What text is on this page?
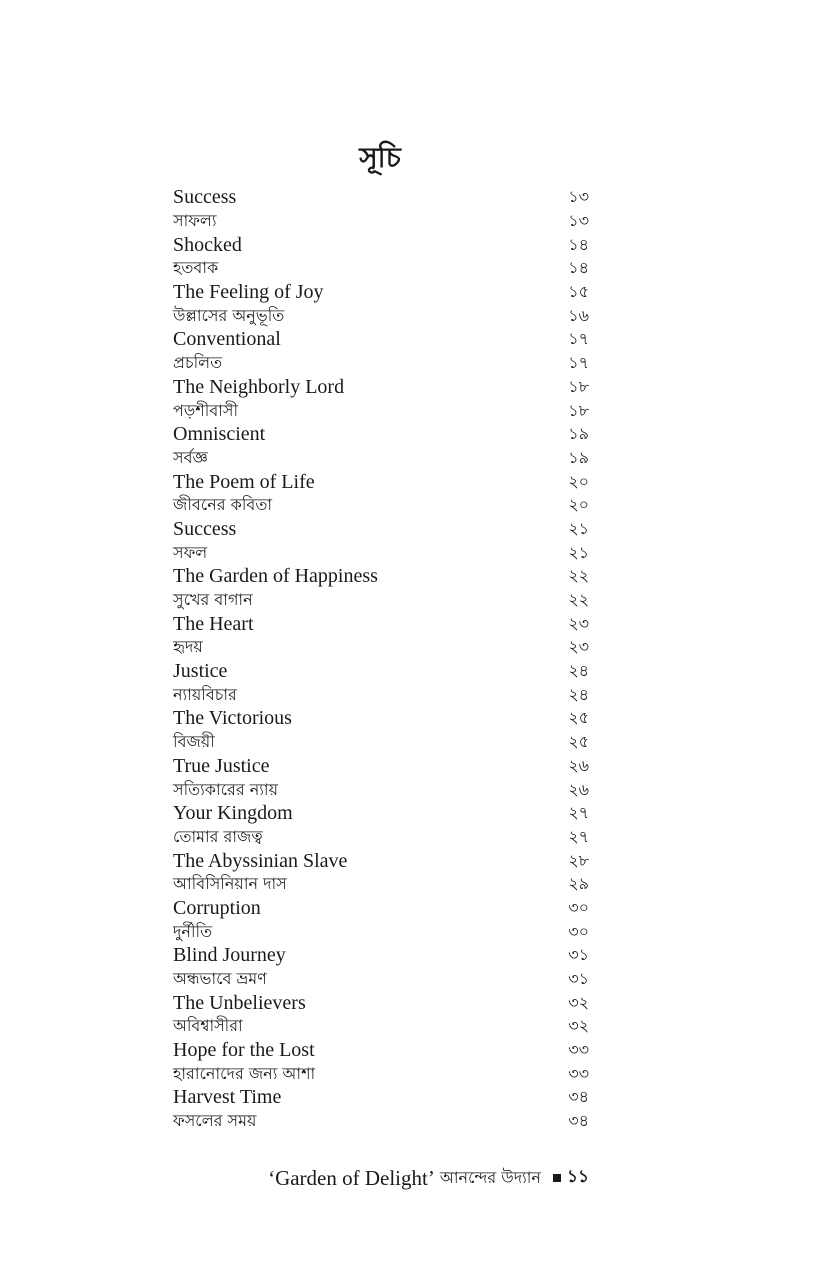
সূচি
Success	১৩
সাফল্য	১৩
Shocked	১৪
হতবাক	১৪
The Feeling of Joy	১৫
উল্লাসের অনুভূতি	১৬
Conventional	১৭
প্রচলিত	১৭
The Neighborly Lord	১৮
পড়শীবাসী	১৮
Omniscient	১৯
সর্বজ্ঞ	১৯
The Poem of Life	২০
জীবনের কবিতা	২০
Success	২১
সফল	২১
The Garden of Happiness	২২
সুখের বাগান	২২
The Heart	২৩
হৃদয়	২৩
Justice	২৪
ন্যায়বিচার	২৪
The Victorious	২৫
বিজয়ী	২৫
True Justice	২৬
সত্যিকারের ন্যায়	২৬
Your Kingdom	২৭
তোমার রাজত্ব	২৭
The Abyssinian Slave	২৮
আবিসিনিয়ান দাস	২৯
Corruption	৩০
দুর্নীতি	৩০
Blind Journey	৩১
অন্ধভাবে ভ্রমণ	৩১
The Unbelievers	৩২
অবিশ্বাসীরা	৩২
Hope for the Lost	৩৩
হারানোদের জন্য আশা	৩৩
Harvest Time	৩৪
ফসলের সময়	৩৪
‘Garden of Delight’ আনন্দের উদ্যান ১১
